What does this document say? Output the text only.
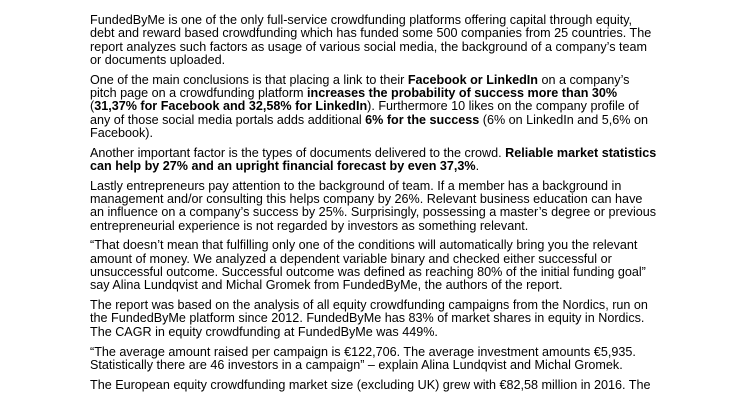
FundedByMe is one of the only full-service crowdfunding platforms offering capital through equity,
debt and reward based crowdfunding which has funded some 500 companies from 25 countries. The
report analyzes such factors as usage of various social media, the background of a company’s team
or documents uploaded.
One of the main conclusions is that placing a link to their Facebook or LinkedIn on a company’s
pitch page on a crowdfunding platform increases the probability of success more than 30%
(31,37% for Facebook and 32,58% for LinkedIn). Furthermore 10 likes on the company profile of
any of those social media portals adds additional 6% for the success (6% on LinkedIn and 5,6% on
Facebook).
Another important factor is the types of documents delivered to the crowd. Reliable market statistics
can help by 27% and an upright financial forecast by even 37,3%.
Lastly entrepreneurs pay attention to the background of team. If a member has a background in
management and/or consulting this helps company by 26%. Relevant business education can have
an influence on a company’s success by 25%. Surprisingly, possessing a master’s degree or previous
entrepreneurial experience is not regarded by investors as something relevant.
“That doesn’t mean that fulfilling only one of the conditions will automatically bring you the relevant
amount of money. We analyzed a dependent variable binary and checked either successful or
unsuccessful outcome. Successful outcome was defined as reaching 80% of the initial funding goal”
say Alina Lundqvist and Michal Gromek from FundedByMe, the authors of the report.
The report was based on the analysis of all equity crowdfunding campaigns from the Nordics, run on
the FundedByMe platform since 2012. FundedByMe has 83% of market shares in equity in Nordics.
The CAGR in equity crowdfunding at FundedByMe was 449%.
“The average amount raised per campaign is €122,706. The average investment amounts €5,935.
Statistically there are 46 investors in a campaign” – explain Alina Lundqvist and Michal Gromek.
The European equity crowdfunding market size (excluding UK) grew with €82,58 million in 2016. The
